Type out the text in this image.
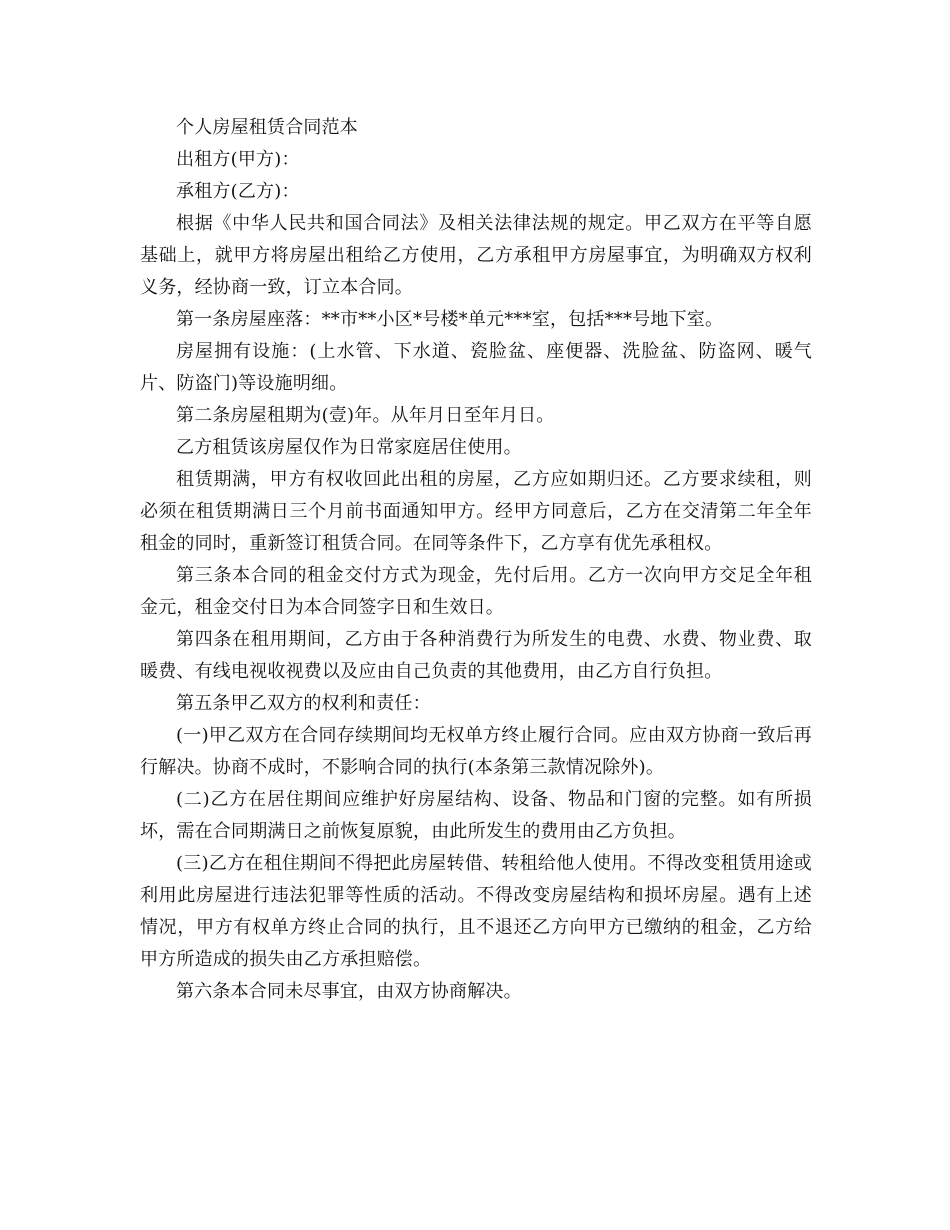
个人房屋租赁合同范本

出租方(甲方)：

承租方(乙方)：

根据《中华人民共和国合同法》及相关法律法规的规定。甲乙双方在平等自愿基础上，就甲方将房屋出租给乙方使用，乙方承租甲方房屋事宜，为明确双方权利义务，经协商一致，订立本合同。

第一条房屋座落：**市**小区*号楼*单元***室，包括***号地下室。

房屋拥有设施：(上水管、下水道、瓷脸盆、座便器、洗脸盆、防盗网、暖气片、防盗门)等设施明细。

第二条房屋租期为(壹)年。从年月日至年月日。

乙方租赁该房屋仅作为日常家庭居住使用。

租赁期满，甲方有权收回此出租的房屋，乙方应如期归还。乙方要求续租，则必须在租赁期满日三个月前书面通知甲方。经甲方同意后，乙方在交清第二年全年租金的同时，重新签订租赁合同。在同等条件下，乙方享有优先承租权。

第三条本合同的租金交付方式为现金，先付后用。乙方一次向甲方交足全年租金元，租金交付日为本合同签字日和生效日。

第四条在租用期间，乙方由于各种消费行为所发生的电费、水费、物业费、取暖费、有线电视收视费以及应由自己负责的其他费用，由乙方自行负担。

第五条甲乙双方的权利和责任：

(一)甲乙双方在合同存续期间均无权单方终止履行合同。应由双方协商一致后再行解决。协商不成时，不影响合同的执行(本条第三款情况除外)。

(二)乙方在居住期间应维护好房屋结构、设备、物品和门窗的完整。如有所损坏，需在合同期满日之前恢复原貌，由此所发生的费用由乙方负担。

(三)乙方在租住期间不得把此房屋转借、转租给他人使用。不得改变租赁用途或利用此房屋进行违法犯罪等性质的活动。不得改变房屋结构和损坏房屋。遇有上述情况，甲方有权单方终止合同的执行，且不退还乙方向甲方已缴纳的租金，乙方给甲方所造成的损失由乙方承担赔偿。

第六条本合同未尽事宜，由双方协商解决。
